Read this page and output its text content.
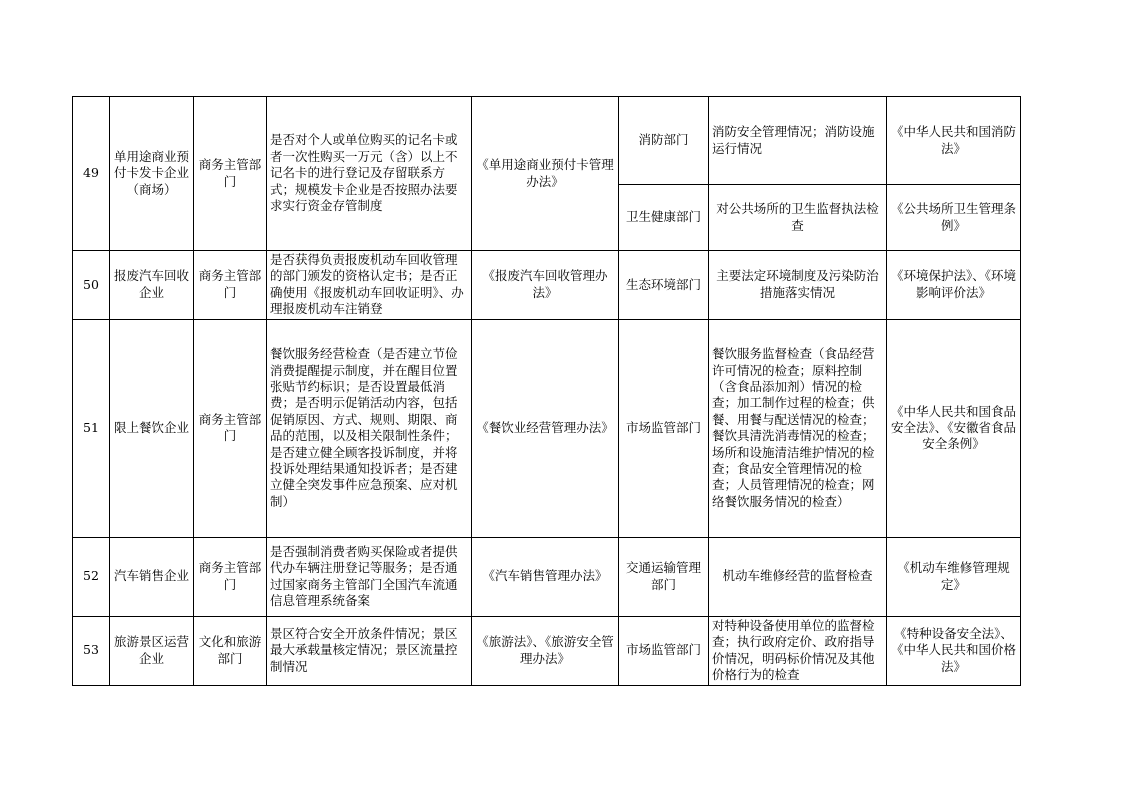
49	单用途商业预付卡发卡企业（商场）	商务主管部门	是否对个人或单位购买的记名卡或者一次性购买一万元（含）以上不记名卡的进行登记及存留联系方式；规模发卡企业是否按照办法要求实行资金存管制度	《单用途商业预付卡管理办法》	消防部门	消防安全管理情况；消防设施运行情况	《中华人民共和国消防法》
					卫生健康部门	对公共场所的卫生监督执法检查	《公共场所卫生管理条例》
50	报废汽车回收企业	商务主管部门	是否获得负责报废机动车回收管理的部门颁发的资格认定书；是否正确使用《报废机动车回收证明》、办理报废机动车注销登	《报废汽车回收管理办法》	生态环境部门	主要法定环境制度及污染防治措施落实情况	《环境保护法》、《环境影响评价法》
51	限上餐饮企业	商务主管部门	餐饮服务经营检查（是否建立节俭消费提醒提示制度，并在醒目位置张贴节约标识；是否设置最低消费；是否明示促销活动内容，包括促销原因、方式、规则、期限、商品的范围，以及相关限制性条件；是否建立健全顾客投诉制度，并将投诉处理结果通知投诉者；是否建立健全突发事件应急预案、应对机制）	《餐饮业经营管理办法》	市场监管部门	餐饮服务监督检查（食品经营许可情况的检查；原料控制（含食品添加剂）情况的检查；加工制作过程的检查；供餐、用餐与配送情况的检查；餐饮具清洗消毒情况的检查；场所和设施清洁维护情况的检查；食品安全管理情况的检查；人员管理情况的检查；网络餐饮服务情况的检查）	《中华人民共和国食品安全法》、《安徽省食品安全条例》
52	汽车销售企业	商务主管部门	是否强制消费者购买保险或者提供代办车辆注册登记等服务；是否通过国家商务主管部门全国汽车流通信息管理系统备案	《汽车销售管理办法》	交通运输管理部门	机动车维修经营的监督检查	《机动车维修管理规定》
53	旅游景区运营企业	文化和旅游部门	景区符合安全开放条件情况；景区最大承载量核定情况；景区流量控制情况	《旅游法》、《旅游安全管理办法》	市场监管部门	对特种设备使用单位的监督检查；执行政府定价、政府指导价情况，明码标价情况及其他价格行为的检查	《特种设备安全法》、《中华人民共和国价格法》
